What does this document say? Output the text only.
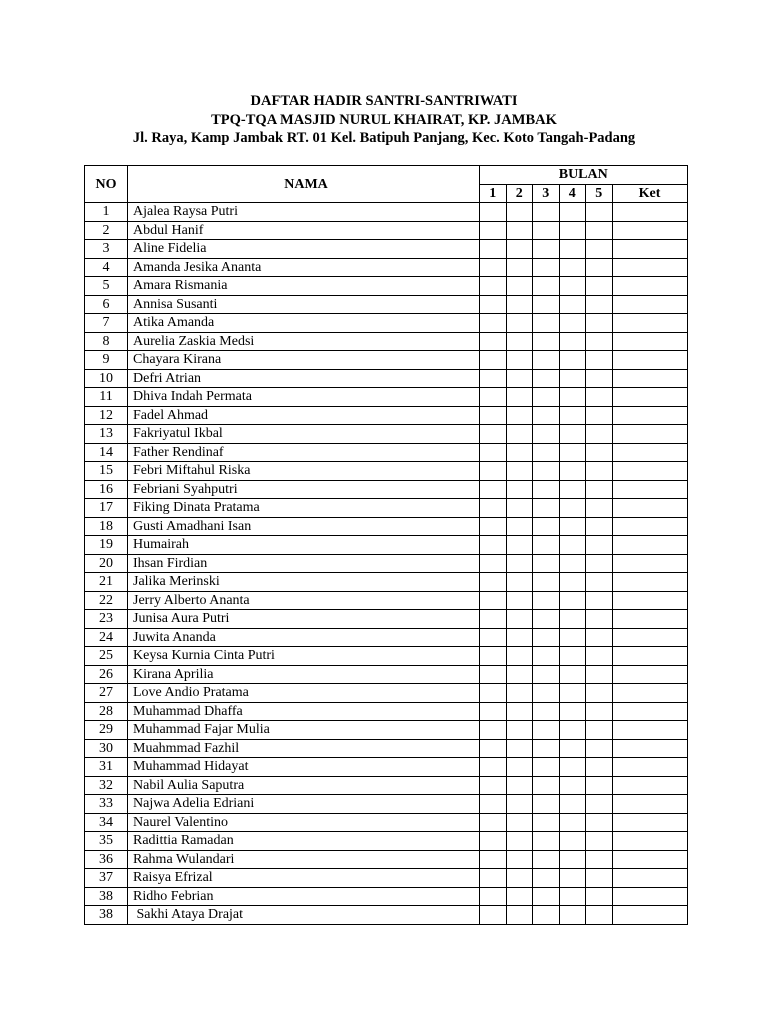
DAFTAR HADIR SANTRI-SANTRIWATI
TPQ-TQA MASJID NURUL KHAIRAT, KP. JAMBAK
Jl. Raya, Kamp Jambak RT. 01 Kel. Batipuh Panjang, Kec. Koto Tangah-Padang
NO	NAMA	BULAN					
		1	2	3	4	5	Ket
1	Ajalea Raysa Putri						
2	Abdul Hanif						
3	Aline Fidelia						
4	Amanda Jesika Ananta						
5	Amara Rismania						
6	Annisa Susanti						
7	Atika Amanda						
8	Aurelia Zaskia Medsi						
9	Chayara Kirana						
10	Defri Atrian						
11	Dhiva Indah Permata						
12	Fadel Ahmad						
13	Fakriyatul Ikbal						
14	Father Rendinaf						
15	Febri Miftahul Riska						
16	Febriani Syahputri						
17	Fiking Dinata Pratama						
18	Gusti Amadhani Isan						
19	Humairah						
20	Ihsan Firdian						
21	Jalika Merinski						
22	Jerry Alberto Ananta						
23	Junisa Aura Putri						
24	Juwita Ananda						
25	Keysa Kurnia Cinta Putri						
26	Kirana Aprilia						
27	Love Andio Pratama						
28	Muhammad Dhaffa						
29	Muhammad Fajar Mulia						
30	Muahmmad Fazhil						
31	Muhammad Hidayat						
32	Nabil Aulia Saputra						
33	Najwa Adelia Edriani						
34	Naurel Valentino						
35	Radittia Ramadan						
36	Rahma Wulandari						
37	Raisya Efrizal						
38	Ridho Febrian						
38	Sakhi Ataya Drajat						
